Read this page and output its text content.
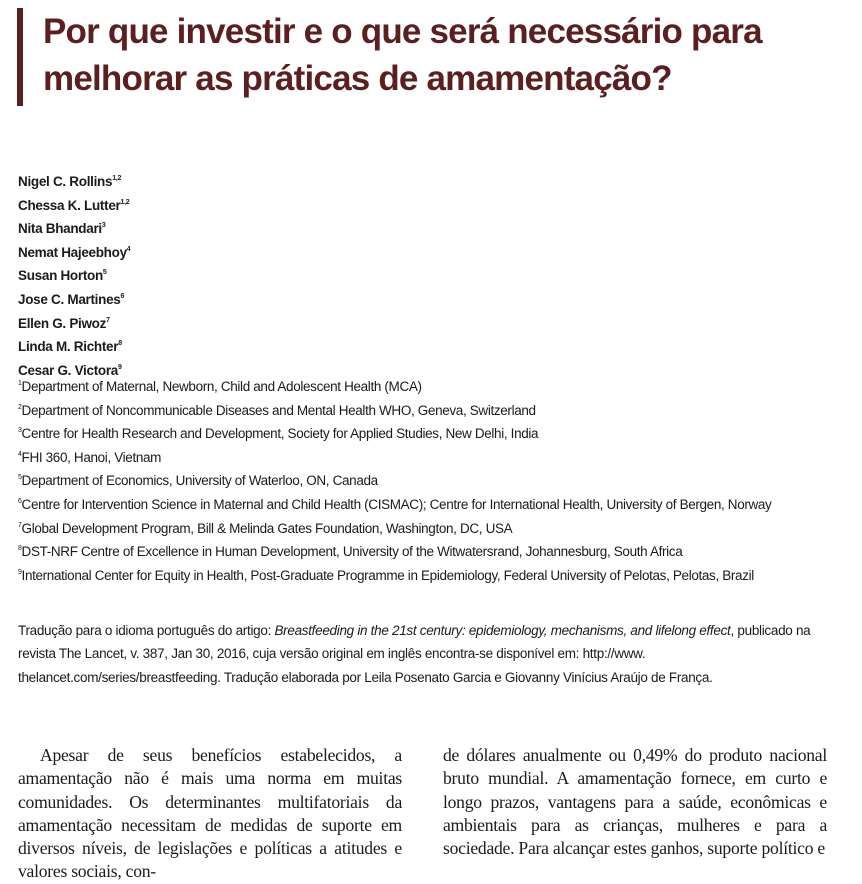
Por que investir e o que será necessário para melhorar as práticas de amamentação?
Nigel C. Rollins$^{1,2}$
Chessa K. Lutter$^{1,2}$
Nita Bhandari$^3$
Nemat Hajeebhoy$^4$
Susan Horton$^5$
Jose C. Martines$^6$
Ellen G. Piwoz$^7$
Linda M. Richter$^8$
Cesar G. Victora$^9$
$^1$Department of Maternal, Newborn, Child and Adolescent Health (MCA)
$^2$Department of Noncommunicable Diseases and Mental Health WHO, Geneva, Switzerland
$^3$Centre for Health Research and Development, Society for Applied Studies, New Delhi, India
$^4$FHI 360, Hanoi, Vietnam
$^5$Department of Economics, University of Waterloo, ON, Canada
$^6$Centre for Intervention Science in Maternal and Child Health (CISMAC); Centre for International Health, University of Bergen, Norway
$^7$Global Development Program, Bill & Melinda Gates Foundation, Washington, DC, USA
$^8$DST-NRF Centre of Excellence in Human Development, University of the Witwatersrand, Johannesburg, South Africa
$^9$International Center for Equity in Health, Post-Graduate Programme in Epidemiology, Federal University of Pelotas, Pelotas, Brazil

Tradução para o idioma português do artigo: Breastfeeding in the 21st century: epidemiology, mechanisms, and lifelong effect, publicado na revista The Lancet, v. 387, Jan 30, 2016, cuja versão original em inglês encontra-se disponível em: http://www. thelancet.com/series/breastfeeding. Tradução elaborada por Leila Posenato Garcia e Giovanny Vinícius Araújo de França.

Apesar de seus benefícios estabelecidos, a amamentação não é mais uma norma em muitas comunidades. Os determinantes multifatoriais da amamentação necessitam de medidas de suporte em diversos níveis, de legislações e políticas a atitudes e valores sociais, con-

de dólares anualmente ou 0,49% do produto nacional bruto mundial. A amamentação fornece, em curto e longo prazos, vantagens para a saúde, econômicas e ambientais para as crianças, mulheres e para a sociedade. Para alcançar estes ganhos, suporte político e
